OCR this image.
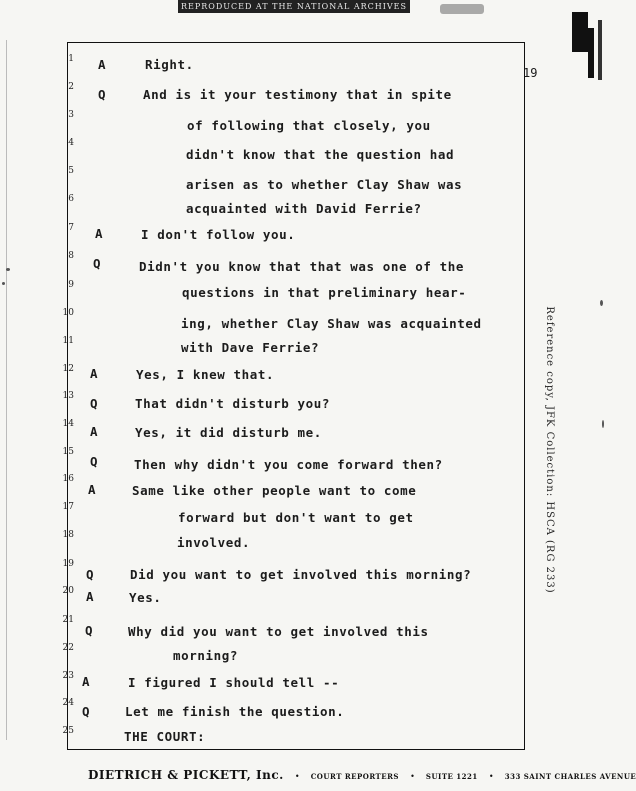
REPRODUCED AT THE NATIONAL ARCHIVES
19
1
2
3
4
5
6
7
8
9
10
11
12
13
14
15
16
17
18
19
20
21
22
23
24
25
A
Q
A
Q
A
Q
A
Q
A
Q
A
Q
A
Q
Right.
And is it your testimony that in spite
of following that closely, you
didn't know that the question had
arisen as to whether Clay Shaw was
acquainted with David Ferrie?
I don't follow you.
Didn't you know that that was one of the
questions in that preliminary hear-
ing, whether Clay Shaw was acquainted
with Dave Ferrie?
Yes, I knew that.
That didn't disturb you?
Yes, it did disturb me.
Then why didn't you come forward then?
Same like other people want to come
forward but don't want to get
involved.
Did you want to get involved this morning?
Yes.
Why did you want to get involved this
morning?
I figured I should tell --
Let me finish the question.
THE COURT:
Reference copy, JFK Collection: HSCA (RG 233)
DIETRICH & PICKETT, Inc. • COURT REPORTERS • SUITE 1221 • 333 SAINT CHARLES AVENUE
